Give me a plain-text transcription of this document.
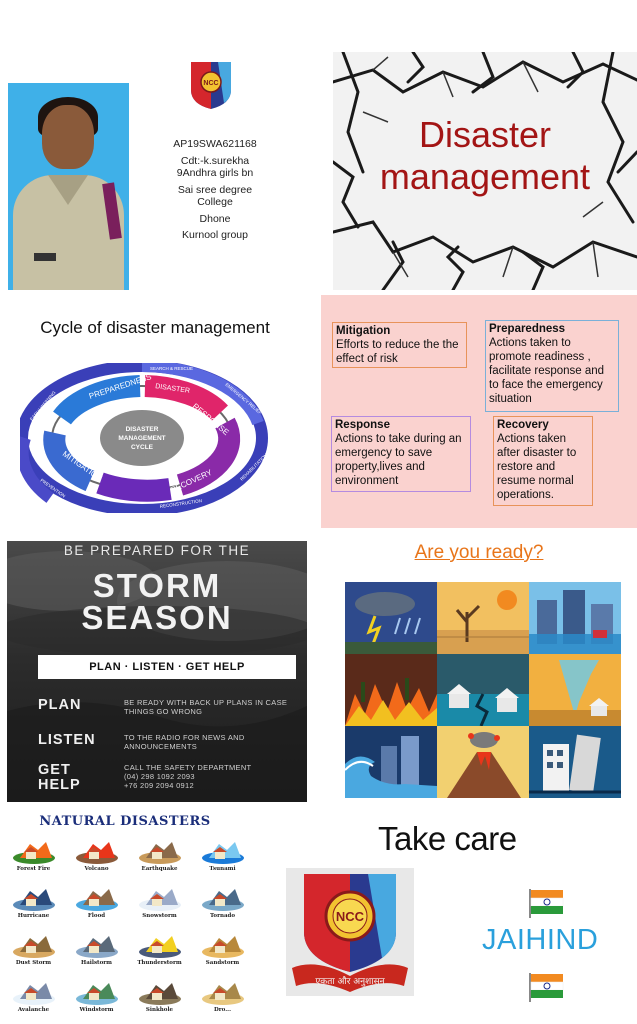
NCC
AP19SWA621168
Cdt:-k.surekha
9Andhra girls bn
Sai sree degree College
Dhone
Kurnool group
Disaster
management
Cycle of disaster management
DISASTER
MANAGEMENT
CYCLE
PREPAREDNESS DISASTER
RESPONSE
RECOVERY
MITIGATION
EARLY WARNING
SEARCH & RESCUE
EMERGENCY RELIEF
REHABILITATION
RECONSTRUCTION
PREVENTION
Mitigation
Efforts to reduce the the effect of risk
Preparedness
Actions taken to promote readiness , facilitate response and to face the emergency situation
Response
Actions to take during an emergency to save property,lives and environment
Recovery
Actions taken after disaster to restore and resume normal operations.
BE PREPARED FOR THE
STORM
SEASON
PLAN · LISTEN · GET HELP
PLAN	BE READY WITH BACK UP PLANS IN CASE THINGS GO WRONG
LISTEN	TO THE RADIO FOR NEWS AND ANNOUNCEMENTS
GET
HELP
CALL THE SAFETY DEPARTMENT
(04) 298 1092 2093
+76 209 2094 0912
Are you ready?
NATURAL DISASTERS
Forest Fire	Volcano	Earthquake	Tsunami
Hurricane	Flood	Snowstorm	Tornado
Dust Storm	Hailstorm	Thunderstorm	Sandstorm
Avalanche	Windstorm	Sinkhole	Dro...
Take care
NCC
एकता और अनुशासन
JAIHIND
